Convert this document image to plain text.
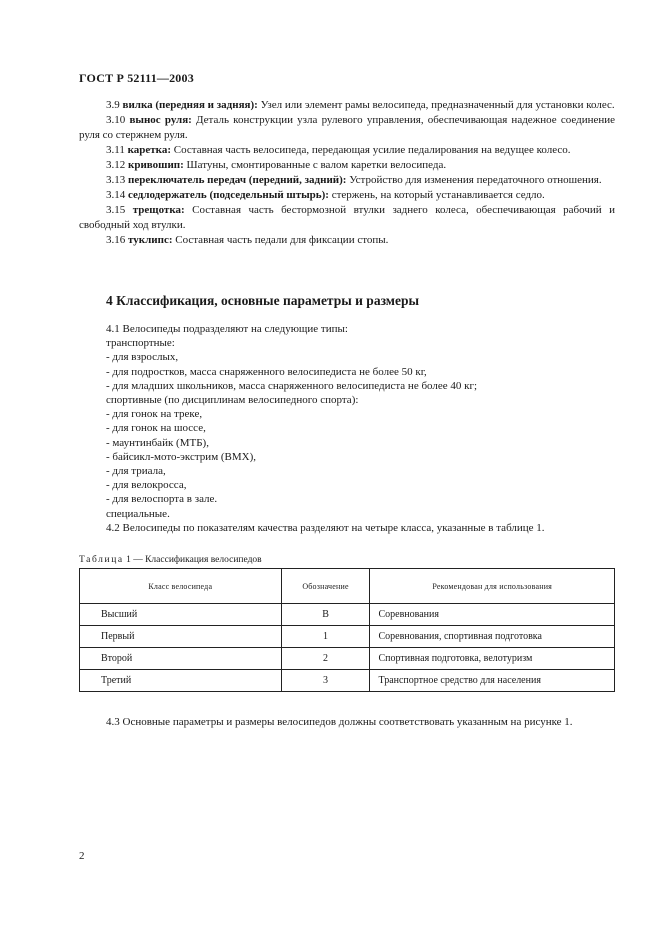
ГОСТ Р 52111—2003

3.9 вилка (передняя и задняя): Узел или элемент рамы велосипеда, предназначенный для установки колес.

3.10 вынос руля: Деталь конструкции узла рулевого управления, обеспечивающая надежное соединение руля со стержнем руля.

3.11 каретка: Составная часть велосипеда, передающая усилие педалирования на ведущее колесо.

3.12 кривошип: Шатуны, смонтированные с валом каретки велосипеда.

3.13 переключатель передач (передний, задний): Устройство для изменения передаточного отношения.

3.14 седлодержатель (подседельный штырь): стержень, на который устанавливается седло.

3.15 трещотка: Составная часть бестормозной втулки заднего колеса, обеспечивающая рабочий и свободный ход втулки.

3.16 туклипс: Составная часть педали для фиксации стопы.

4 Классификация, основные параметры и размеры

4.1 Велосипеды подразделяют на следующие типы:

транспортные:

- для взрослых,

- для подростков, масса снаряженного велосипедиста не более 50 кг,

- для младших школьников, масса снаряженного велосипедиста не более 40 кг;

спортивные (по дисциплинам велосипедного спорта):

- для гонок на треке,

- для гонок на шоссе,

- маунтинбайк (МТБ),

- байсикл-мото-экстрим (ВМХ),

- для триала,

- для велокросса,

- для велоспорта в зале.

специальные.

4.2 Велосипеды по показателям качества разделяют на четыре класса, указанные в таблице 1.

Таблица 1 — Классификация велосипедов
Класс велосипеда	Обозначение	Рекомендован для использования
Высший	В	Соревнования
Первый	1	Соревнования, спортивная подготовка
Второй	2	Спортивная подготовка, велотуризм
Третий	3	Транспортное средство для населения

4.3 Основные параметры и размеры велосипедов должны соответствовать указанным на рисунке 1.

2
